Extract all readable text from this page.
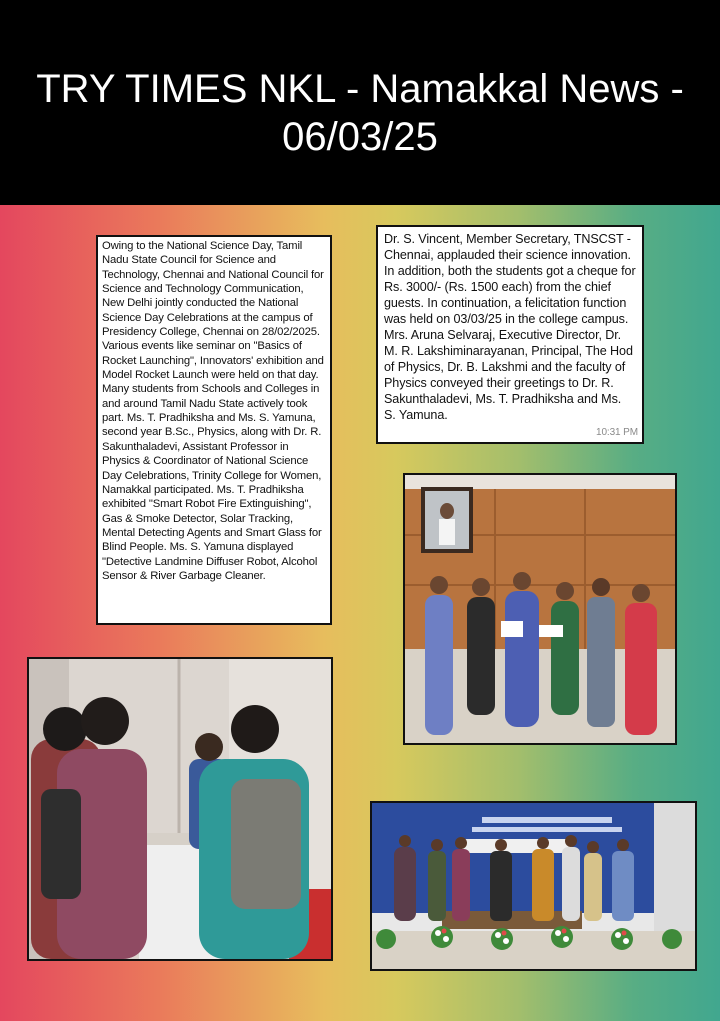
TRY TIMES NKL - Namakkal News - 06/03/25
Owing to the National Science Day, Tamil Nadu State Council for Science and Technology, Chennai and National Council for Science and Technology Communication, New Delhi jointly conducted the National Science Day Celebrations at the campus of Presidency College, Chennai on 28/02/2025. Various events like seminar on "Basics of Rocket Launching", Innovators' exhibition and Model Rocket Launch were held on that day. Many students from Schools and Colleges in and around Tamil Nadu State actively took part. Ms. T. Pradhiksha and Ms. S. Yamuna, second year B.Sc., Physics, along with Dr. R. Sakunthaladevi, Assistant Professor in Physics & Coordinator of National Science Day Celebrations, Trinity College for Women, Namakkal participated. Ms. T. Pradhiksha exhibited "Smart Robot Fire Extinguishing", Gas & Smoke Detector, Solar Tracking, Mental Detecting Agents and Smart Glass for Blind People. Ms. S. Yamuna displayed "Detective Landmine Diffuser Robot, Alcohol Sensor & River Garbage Cleaner.
Dr. S. Vincent, Member Secretary, TNSCST - Chennai, applauded their science innovation. In addition, both the students got a cheque for Rs. 3000/- (Rs. 1500 each) from the chief guests. In continuation, a felicitation function was held on 03/03/25 in the college campus. Mrs. Aruna Selvaraj, Executive Director, Dr. M. R. Lakshiminarayanan, Principal, The Hod of Physics, Dr. B. Lakshmi and the faculty of Physics conveyed their greetings to Dr. R. Sakunthaladevi, Ms. T. Pradhiksha and Ms. S. Yamuna.
10:31 PM
